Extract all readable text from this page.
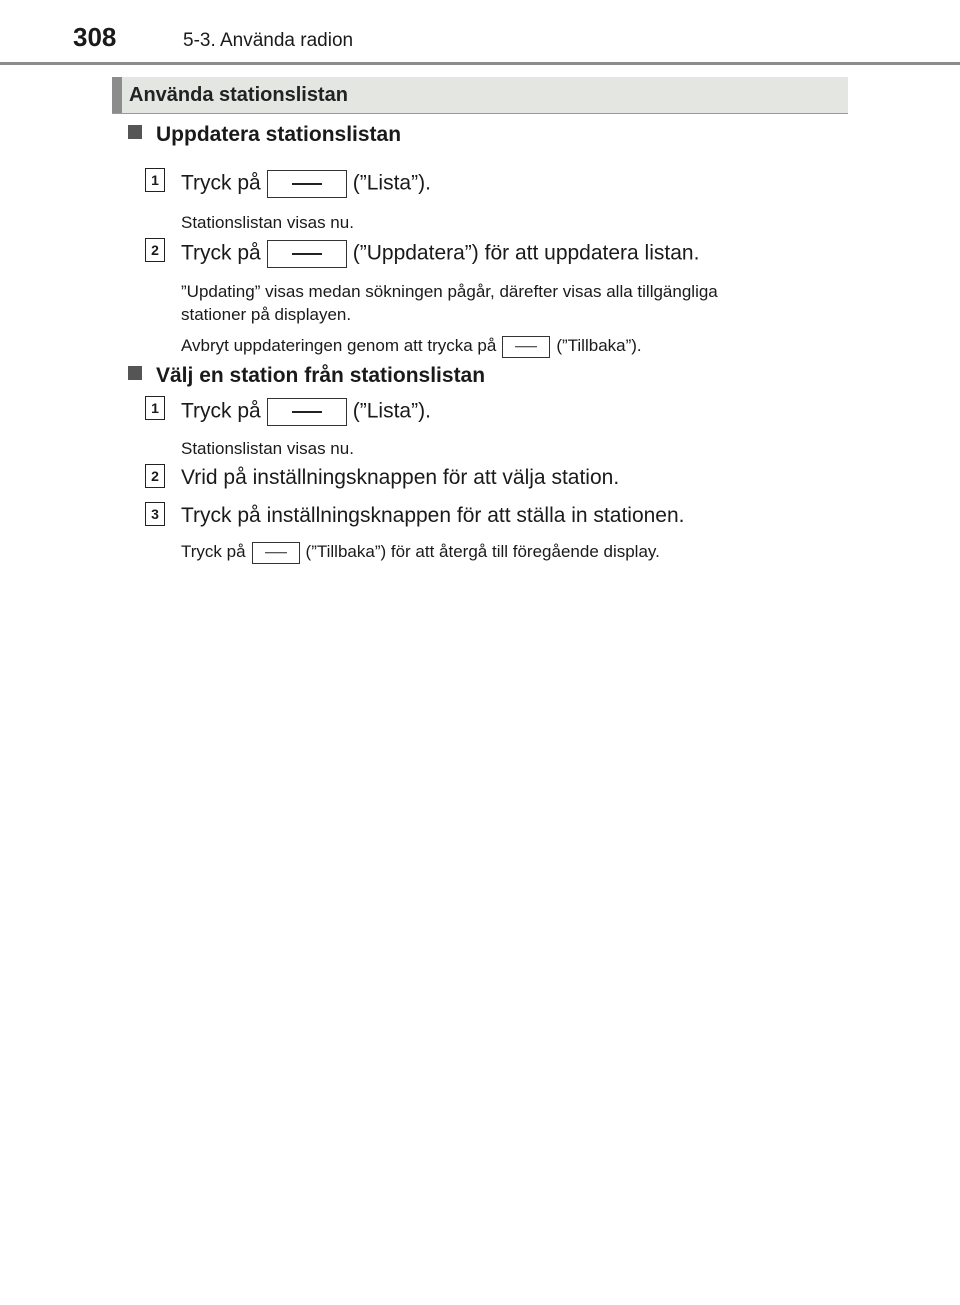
308	5-3. Använda radion
Använda stationslistan
Uppdatera stationslistan
1 Tryck på	(”Lista”).
Stationslistan visas nu.
2 Tryck på	(”Uppdatera”) för att uppdatera listan.
”Updating” visas medan sökningen pågår, därefter visas alla tillgängliga
stationer på displayen.
Avbryt uppdateringen genom att trycka på	(”Tillbaka”).
Välj en station från stationslistan
1 Tryck på	(”Lista”).
Stationslistan visas nu.
2 Vrid på inställningsknappen för att välja station.
3 Tryck på inställningsknappen för att ställa in stationen.
Tryck på	(”Tillbaka”) för att återgå till föregående display.
